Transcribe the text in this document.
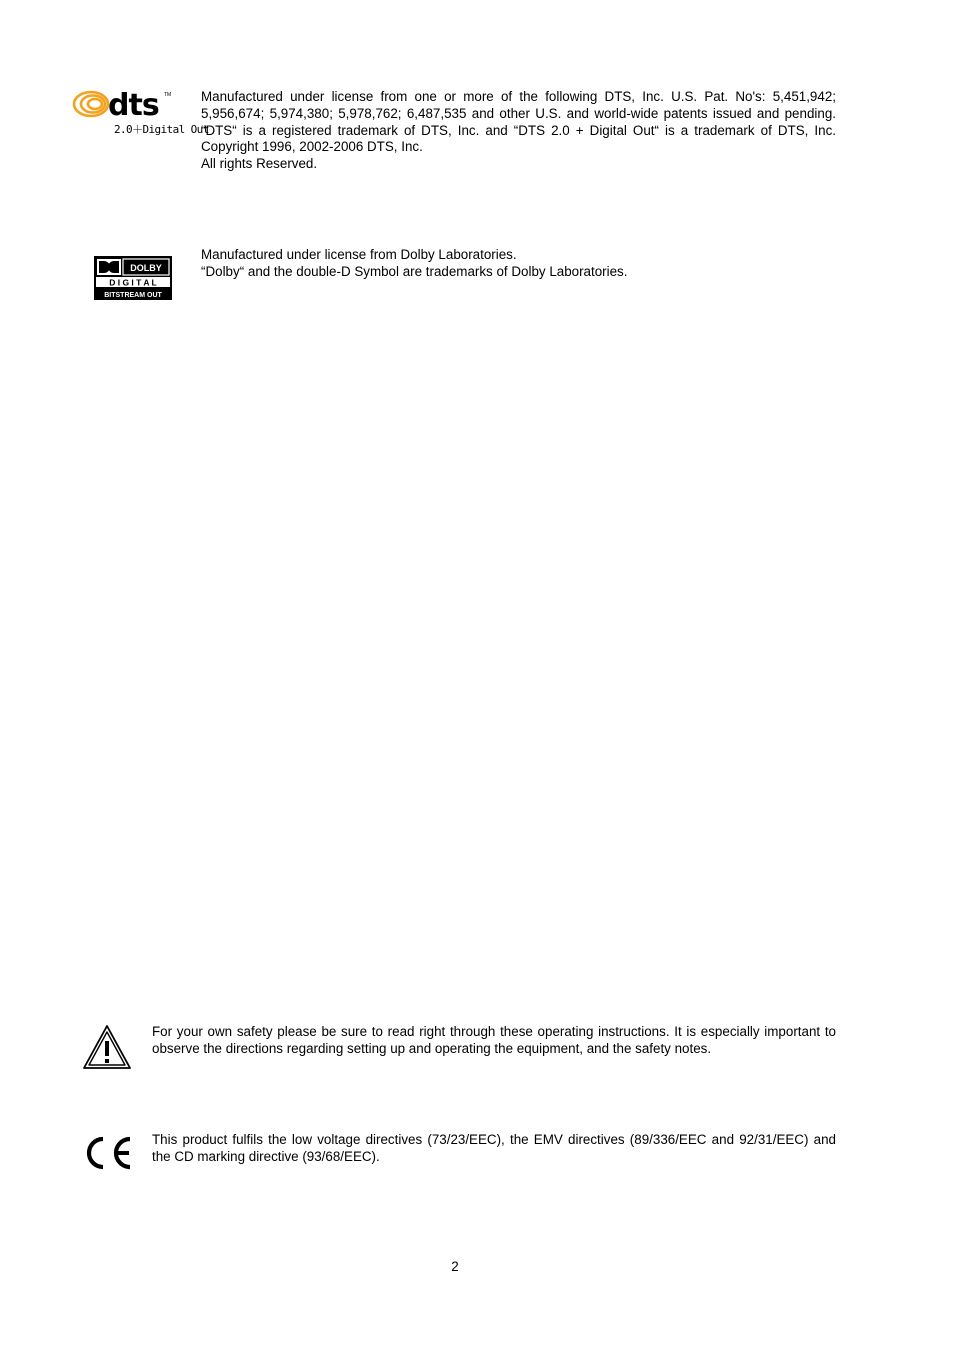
dts TM
2.0＋Digital Out
Manufactured under license from one or more of the following DTS, Inc. U.S. Pat. No's: 5,451,942; 5,956,674; 5,974,380; 5,978,762; 6,487,535 and other U.S. and world-wide patents issued and pending. “DTS“ is a registered trademark of DTS, Inc. and “DTS 2.0 + Digital Out“ is a trademark of DTS, Inc. Copyright 1996, 2002-2006 DTS, Inc.
All rights Reserved.
DOLBY
D I G I T A L
BITSTREAM OUT
Manufactured under license from Dolby Laboratories.
“Dolby“ and the double-D Symbol are trademarks of Dolby Laboratories.
For your own safety please be sure to read right through these operating instructions. It is especially important to observe the directions regarding setting up and operating the equipment, and the safety notes.
This product fulfils the low voltage directives (73/23/EEC), the EMV directives (89/336/EEC and 92/31/EEC) and the CD marking directive (93/68/EEC).
2
